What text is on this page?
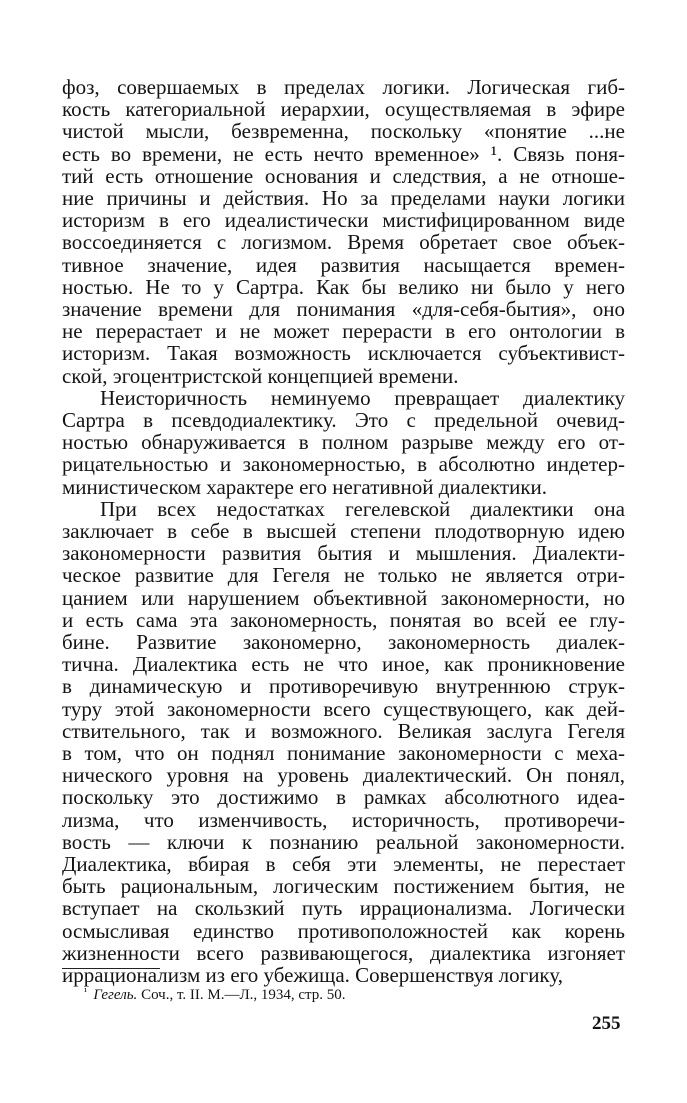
фоз, совершаемых в пределах логики. Логическая гиб-
кость категориальной иерархии, осуществляемая в эфире
чистой мысли, безвременна, поскольку «понятие ...не
есть во времени, не есть нечто временное» ¹. Связь поня-
тий есть отношение основания и следствия, а не отноше-
ние причины и действия. Но за пределами науки логики
историзм в его идеалистически мистифицированном виде
воссоединяется с логизмом. Время обретает свое объек-
тивное значение, идея развития насыщается времен-
ностью. Не то у Сартра. Как бы велико ни было у него
значение времени для понимания «для-себя-бытия», оно
не перерастает и не может перерасти в его онтологии в
историзм. Такая возможность исключается субъективист-
ской, эгоцентристской концепцией времени.
Неисторичность неминуемо превращает диалектику
Сартра в псевдодиалектику. Это с предельной очевид-
ностью обнаруживается в полном разрыве между его от-
рицательностью и закономерностью, в абсолютно индетер-
министическом характере его негативной диалектики.
При всех недостатках гегелевской диалектики она
заключает в себе в высшей степени плодотворную идею
закономерности развития бытия и мышления. Диалекти-
ческое развитие для Гегеля не только не является отри-
цанием или нарушением объективной закономерности, но
и есть сама эта закономерность, понятая во всей ее глу-
бине. Развитие закономерно, закономерность диалек-
тична. Диалектика есть не что иное, как проникновение
в динамическую и противоречивую внутреннюю струк-
туру этой закономерности всего существующего, как дей-
ствительного, так и возможного. Великая заслуга Гегеля
в том, что он поднял понимание закономерности с меха-
нического уровня на уровень диалектический. Он понял,
поскольку это достижимо в рамках абсолютного идеа-
лизма, что изменчивость, историчность, противоречи-
вость — ключи к познанию реальной закономерности.
Диалектика, вбирая в себя эти элементы, не перестает
быть рациональным, логическим постижением бытия, не
вступает на скользкий путь иррационализма. Логически
осмысливая единство противоположностей как корень
жизненности всего развивающегося, диалектика изгоняет
иррационализм из его убежища. Совершенствуя логику,
$^{^1}$ Гегель. Соч., т. II. М.—Л., 1934, стр. 50.
255
